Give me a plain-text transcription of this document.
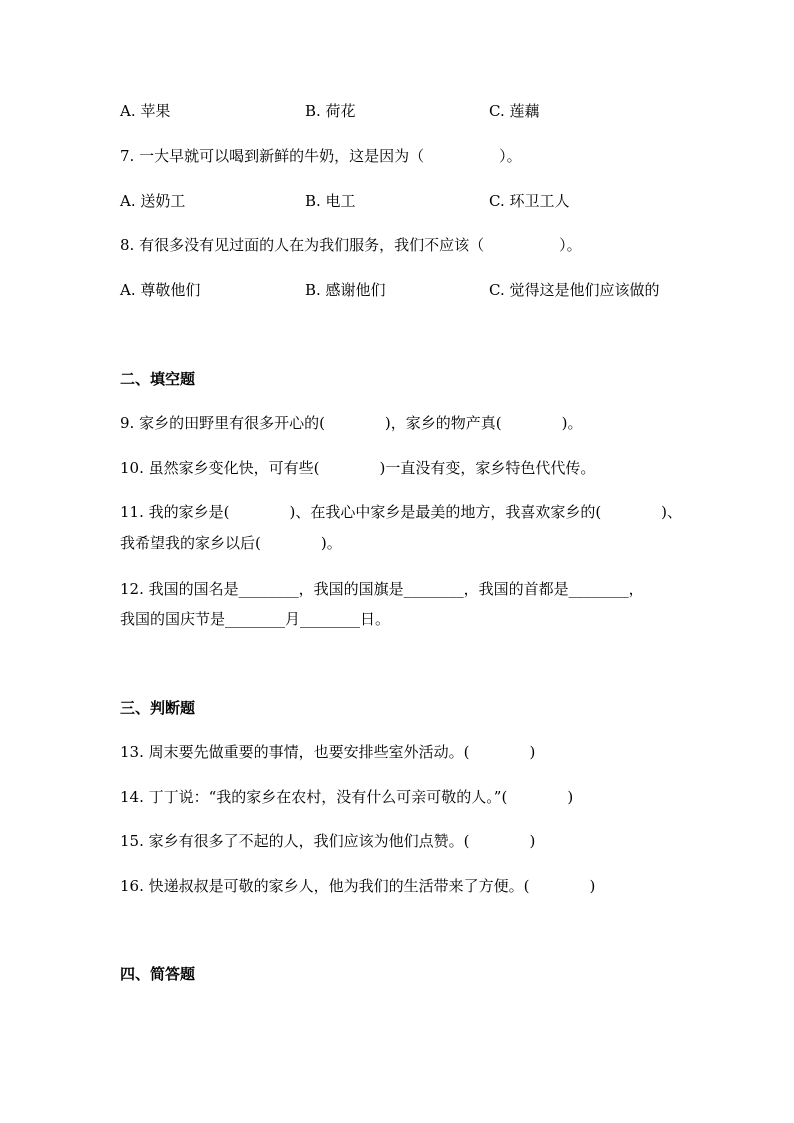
A. 苹果	B. 荷花	C. 莲藕
7. 一大早就可以喝到新鲜的牛奶，这是因为（　　　　　）。
A. 送奶工	B. 电工	C. 环卫工人
8. 有很多没有见过面的人在为我们服务，我们不应该（　　　　　）。
A. 尊敬他们	B. 感谢他们	C. 觉得这是他们应该做的
二、填空题
9. 家乡的田野里有很多开心的(　　　　)，家乡的物产真(　　　　)。
10. 虽然家乡变化快，可有些(　　　　)一直没有变，家乡特色代代传。
11. 我的家乡是(　　　　)、在我心中家乡是最美的地方，我喜欢家乡的(　　　　)、
我希望我的家乡以后(　　　　)。
12. 我国的国名是________，我国的国旗是________，我国的首都是________，
我国的国庆节是________月________日。
三、判断题
13. 周末要先做重要的事情，也要安排些室外活动。(　　　　)
14. 丁丁说：“我的家乡在农村，没有什么可亲可敬的人。”(　　　　)
15. 家乡有很多了不起的人，我们应该为他们点赞。(　　　　)
16. 快递叔叔是可敬的家乡人，他为我们的生活带来了方便。(　　　　)
四、简答题
